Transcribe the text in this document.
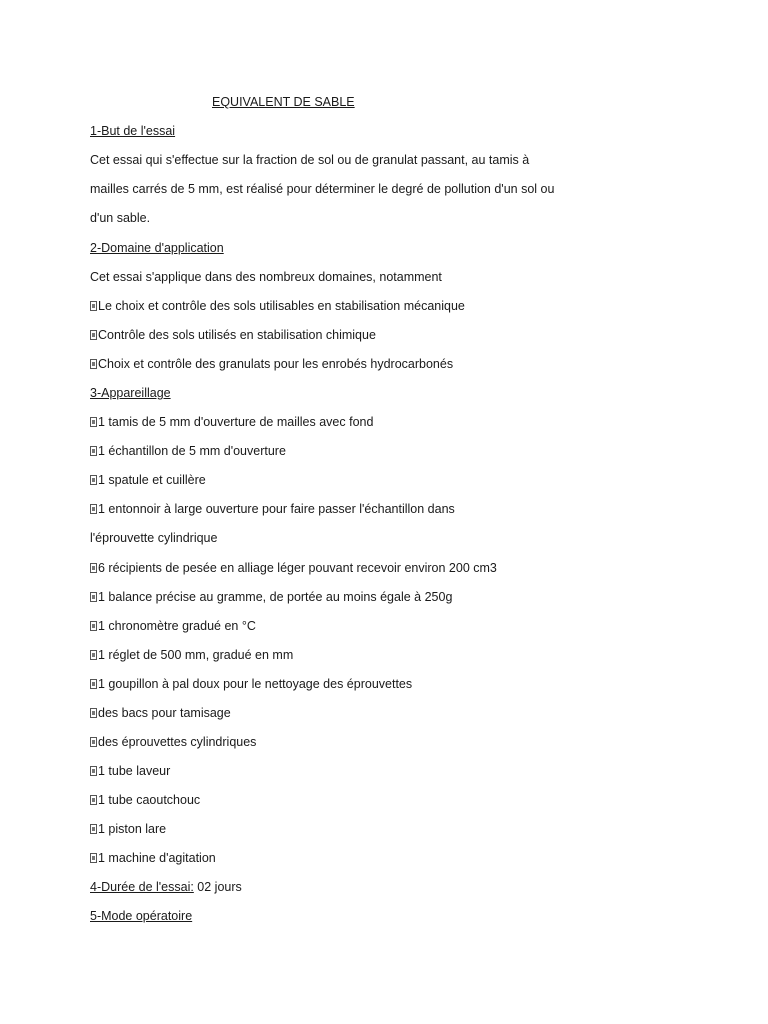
EQUIVALENT DE SABLE
1-But de l'essai
Cet essai qui s'effectue sur la fraction de sol ou de granulat passant, au tamis à
mailles carrés de 5 mm, est réalisé pour déterminer le degré de pollution d'un sol ou
d'un sable.
2-Domaine d'application
Cet essai s'applique dans des nombreux domaines, notamment
Le choix et contrôle des sols utilisables en stabilisation mécanique
Contrôle des sols utilisés en stabilisation chimique
Choix et contrôle des granulats pour les enrobés hydrocarbonés
3-Appareillage
1 tamis de 5 mm d'ouverture de mailles avec fond
1 échantillon de 5 mm d'ouverture
1 spatule et cuillère
1 entonnoir à large ouverture pour faire passer l'échantillon dans
l'éprouvette cylindrique
6 récipients de pesée en alliage léger pouvant recevoir environ 200 cm3
1 balance précise au gramme, de portée au moins égale à 250g
1 chronomètre gradué en °C
1 réglet de 500 mm, gradué en mm
1 goupillon à pal doux pour le nettoyage des éprouvettes
des bacs pour tamisage
des éprouvettes cylindriques
1 tube laveur
1 tube caoutchouc
1 piston lare
1 machine d'agitation
4-Durée de l'essai: 02 jours
5-Mode opératoire
